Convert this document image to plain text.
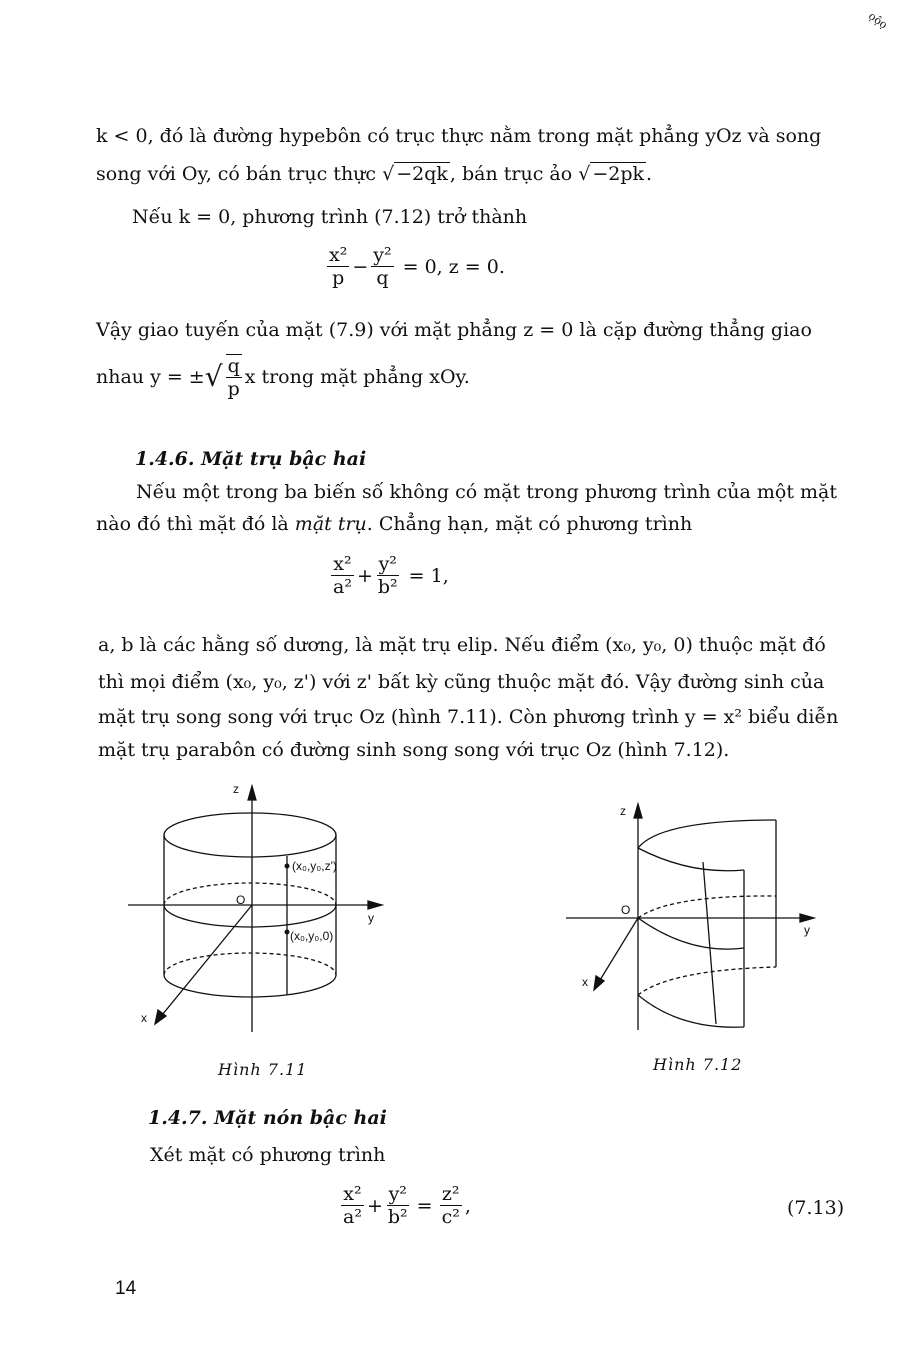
ọộọ
k < 0, đó là đường hypebôn có trục thực nằm trong mặt phẳng yOz và song
song với Oy, có bán trục thực √ −2qk , bán trục ảo √ −2pk .
Nếu k = 0, phương trình (7.12) trở thành
$\frac{\text{x²}}{p} - \frac{\text{y²}}{q} = 0$, z = 0.
Vậy giao tuyến của mặt (7.9) với mặt phẳng z = 0 là cặp đường thẳng giao
nhau y = ± √ $\frac{q}{p}$ x trong mặt phẳng xOy.
1.4.6. Mặt trụ bậc hai
Nếu một trong ba biến số không có mặt trong phương trình của một mặt
nào đó thì mặt đó là mặt trụ. Chẳng hạn, mặt có phương trình
$\frac{\text{x²}}{\text{a²}} + \frac{\text{y²}}{\text{b²}} = 1$,
a, b là các hằng số dương, là mặt trụ elip. Nếu điểm (x₀, y₀, 0) thuộc mặt đó
thì mọi điểm (x₀, y₀, z') với z' bất kỳ cũng thuộc mặt đó. Vậy đường sinh của
mặt trụ song song với trục Oz (hình 7.11). Còn phương trình y = x² biểu diễn
mặt trụ parabôn có đường sinh song song với trục Oz (hình 7.12).
z
y
x
O
(x₀,y₀,z')
(x₀,y₀,0)
z
y
x
O
Hình 7.11	Hình 7.12
1.4.7. Mặt nón bậc hai
Xét mặt có phương trình
$\frac{\text{x²}}{\text{a²}} + \frac{\text{y²}}{\text{b²}} = \frac{\text{z²}}{\text{c²}}$ ,	(7.13)
14
